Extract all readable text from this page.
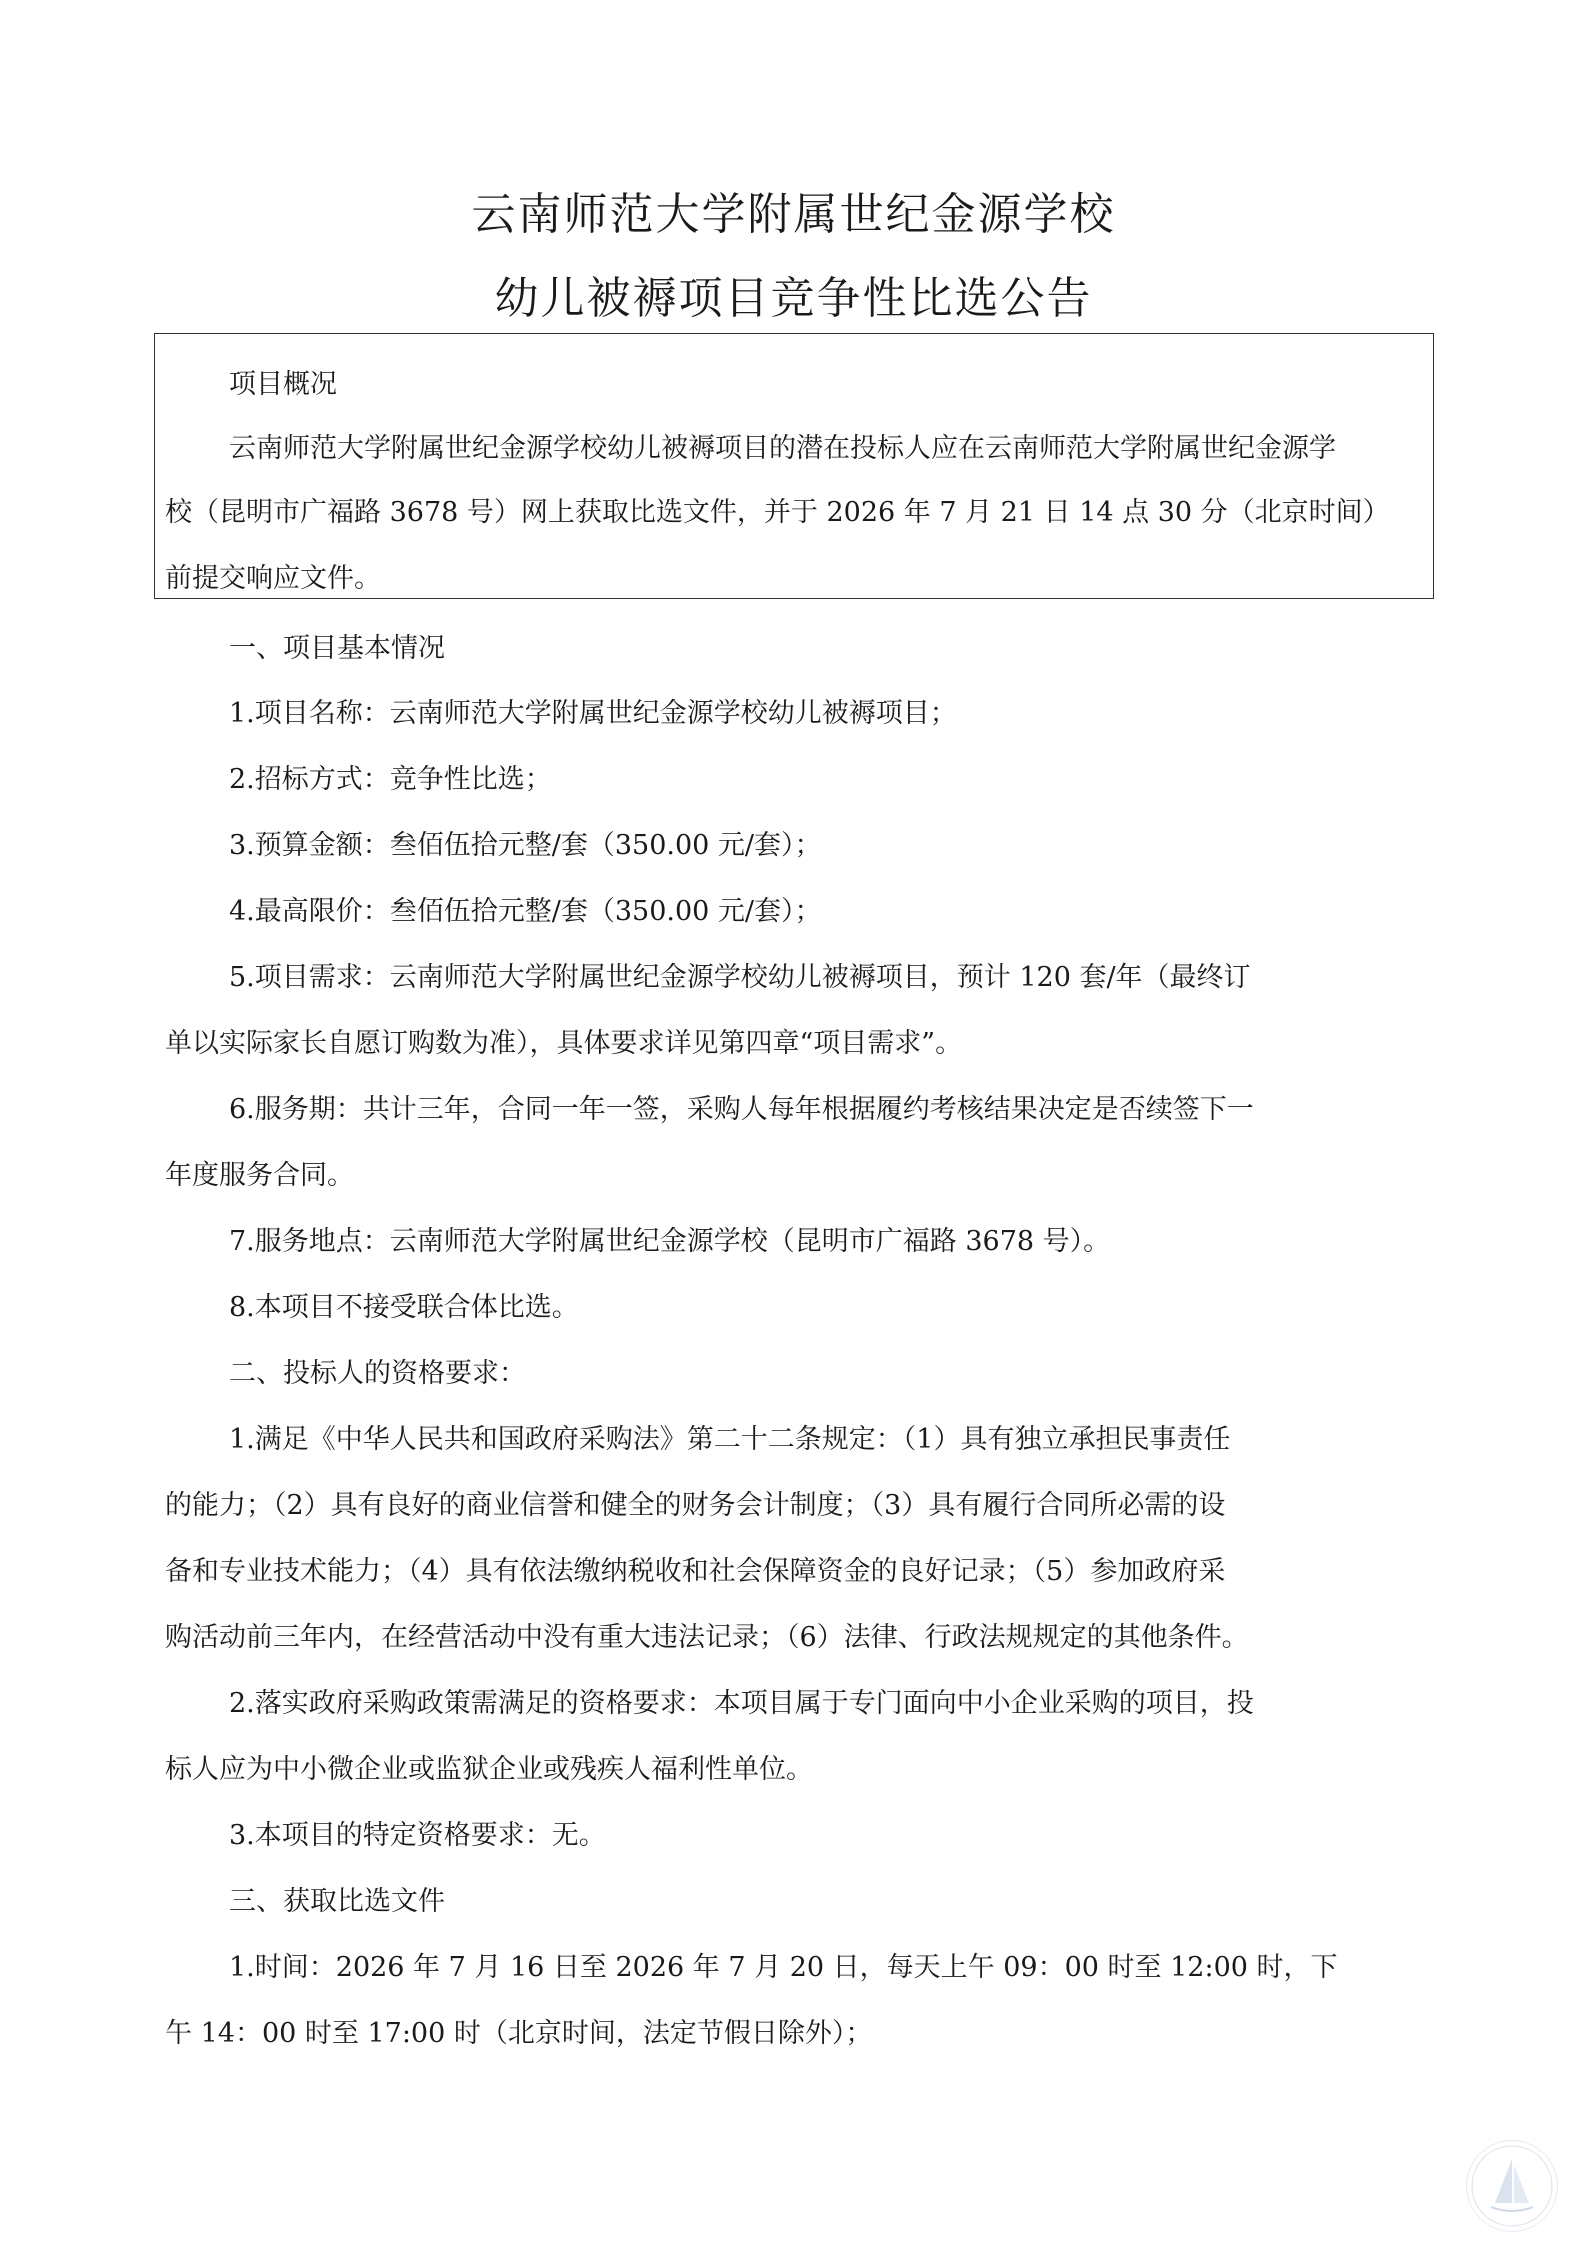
云南师范大学附属世纪金源学校
幼儿被褥项目竞争性比选公告
项目概况
云南师范大学附属世纪金源学校幼儿被褥项目的潜在投标人应在云南师范大学附属世纪金源学
校（昆明市广福路 3678 号）网上获取比选文件，并于 2026 年 7 月 21 日 14 点 30 分（北京时间）
前提交响应文件。
一、项目基本情况
1.项目名称：云南师范大学附属世纪金源学校幼儿被褥项目；
2.招标方式：竞争性比选；
3.预算金额：叁佰伍拾元整/套（350.00 元/套）；
4.最高限价：叁佰伍拾元整/套（350.00 元/套）；
5.项目需求：云南师范大学附属世纪金源学校幼儿被褥项目，预计 120 套/年（最终订
单以实际家长自愿订购数为准），具体要求详见第四章“项目需求”。
6.服务期：共计三年，合同一年一签，采购人每年根据履约考核结果决定是否续签下一
年度服务合同。
7.服务地点：云南师范大学附属世纪金源学校（昆明市广福路 3678 号）。
8.本项目不接受联合体比选。
二、投标人的资格要求：
1.满足《中华人民共和国政府采购法》第二十二条规定：（1）具有独立承担民事责任
的能力；（2）具有良好的商业信誉和健全的财务会计制度；（3）具有履行合同所必需的设
备和专业技术能力；（4）具有依法缴纳税收和社会保障资金的良好记录；（5）参加政府采
购活动前三年内，在经营活动中没有重大违法记录；（6）法律、行政法规规定的其他条件。
2.落实政府采购政策需满足的资格要求：本项目属于专门面向中小企业采购的项目，投
标人应为中小微企业或监狱企业或残疾人福利性单位。
3.本项目的特定资格要求：无。
三、获取比选文件
1.时间：2026 年 7 月 16 日至 2026 年 7 月 20 日，每天上午 09：00 时至 12:00 时，下
午 14：00 时至 17:00 时（北京时间，法定节假日除外）；
